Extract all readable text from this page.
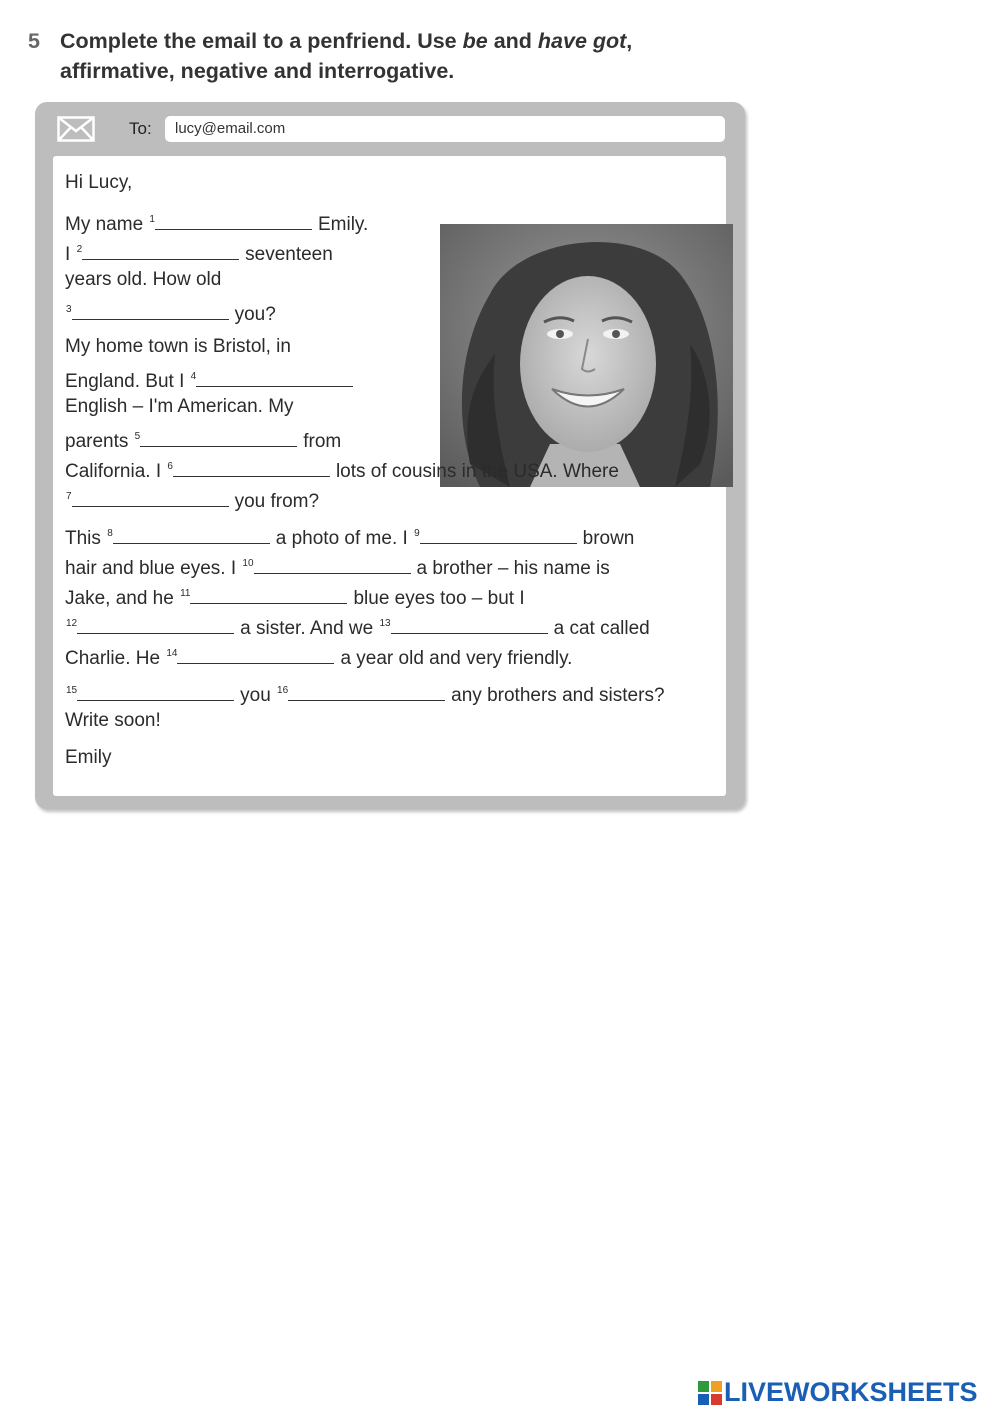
5 Complete the email to a penfriend. Use be and have got,
affirmative, negative and interrogative.
To:	lucy@email.com
Hi Lucy,
My name $^1$	Emily.
I $^2$	seventeen
years old. How old
$^3$	you?
My home town is Bristol, in
England. But I $^4$
English – I'm American. My
parents $^5$	from
California. I $^6$	lots of cousins in the USA. Where
$^7$	you from?
This $^8$	a photo of me. I $^9$	brown
hair and blue eyes. I $^{10}$	a brother – his name is
Jake, and he $^{11}$	blue eyes too – but I
$^{12}$	a sister. And we $^{13}$	a cat called
Charlie. He $^{14}$	a year old and very friendly.
$^{15}$	you $^{16}$	any brothers and sisters?
Write soon!
Emily
LIVEWORKSHEETS
